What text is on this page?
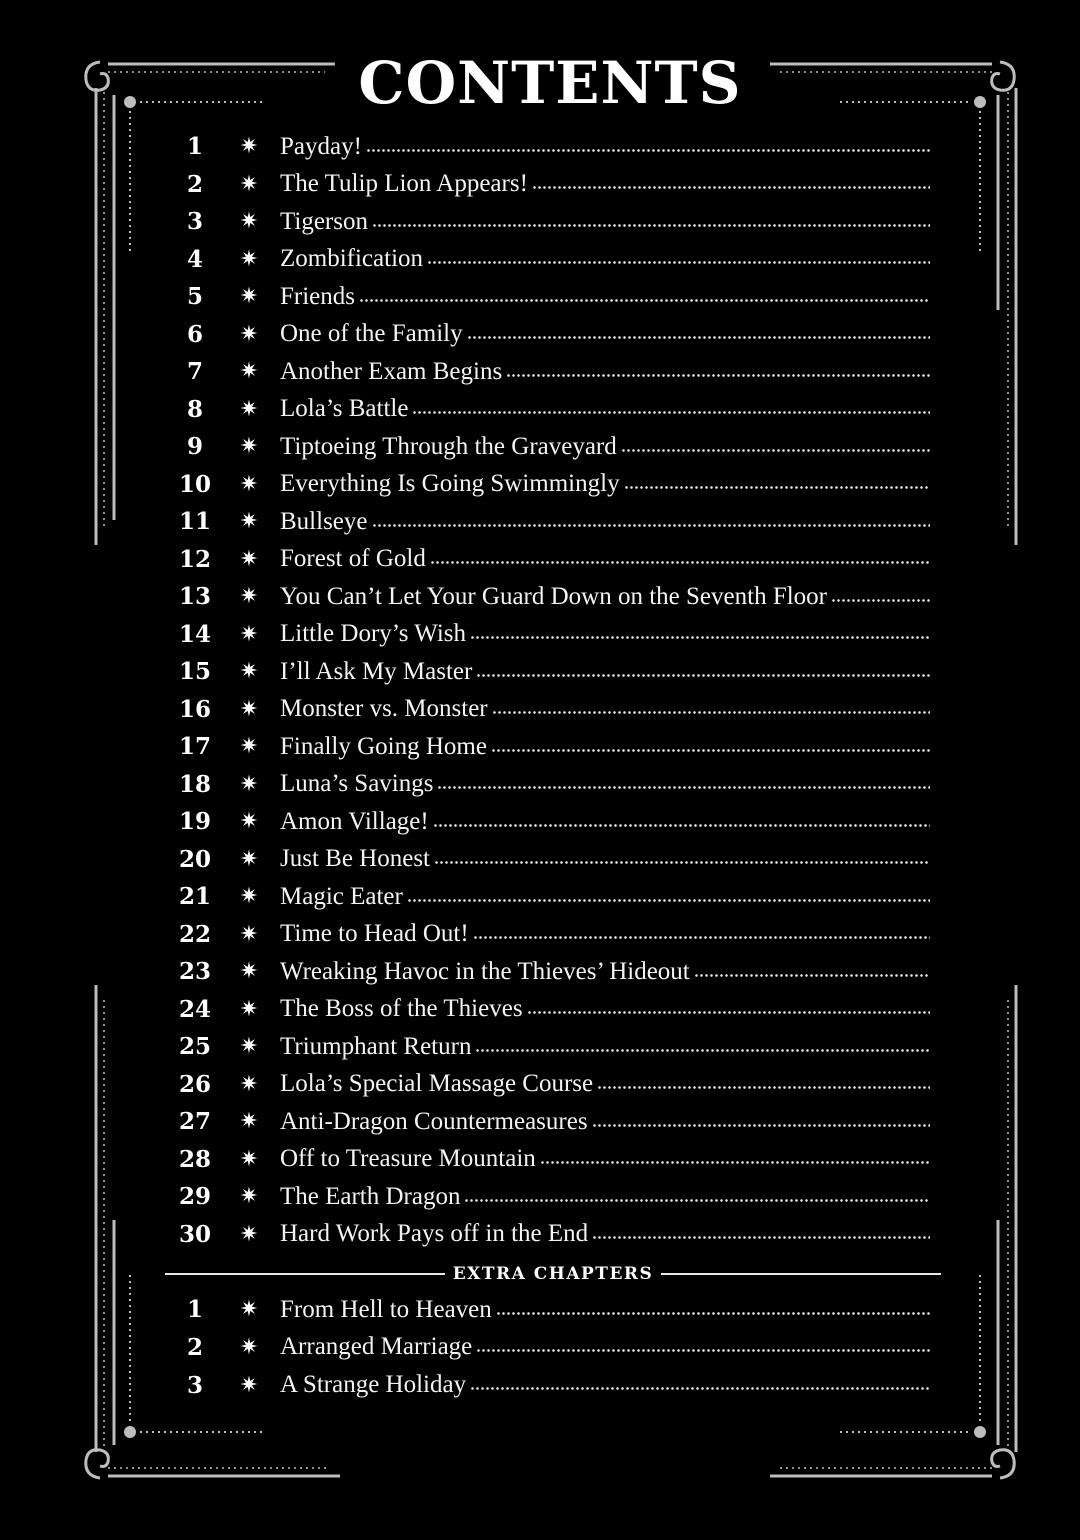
CONTENTS
1	✷ Payday!
2	✷ The Tulip Lion Appears!
3	✷ Tigerson
4	✷ Zombification
5	✷ Friends
6	✷ One of the Family
7	✷ Another Exam Begins
8	✷ Lola’s Battle
9	✷ Tiptoeing Through the Graveyard
10	✷ Everything Is Going Swimmingly
11	✷ Bullseye
12	✷ Forest of Gold
13	✷ You Can’t Let Your Guard Down on the Seventh Floor
14	✷ Little Dory’s Wish
15	✷ I’ll Ask My Master
16	✷ Monster vs. Monster
17	✷ Finally Going Home
18	✷ Luna’s Savings
19	✷ Amon Village!
20	✷ Just Be Honest
21	✷ Magic Eater
22	✷ Time to Head Out!
23	✷ Wreaking Havoc in the Thieves’ Hideout
24	✷ The Boss of the Thieves
25	✷ Triumphant Return
26	✷ Lola’s Special Massage Course
27	✷ Anti-Dragon Countermeasures
28	✷ Off to Treasure Mountain
29	✷ The Earth Dragon
30	✷ Hard Work Pays off in the End
EXTRA CHAPTERS
1	✷ From Hell to Heaven
2	✷ Arranged Marriage
3	✷ A Strange Holiday
